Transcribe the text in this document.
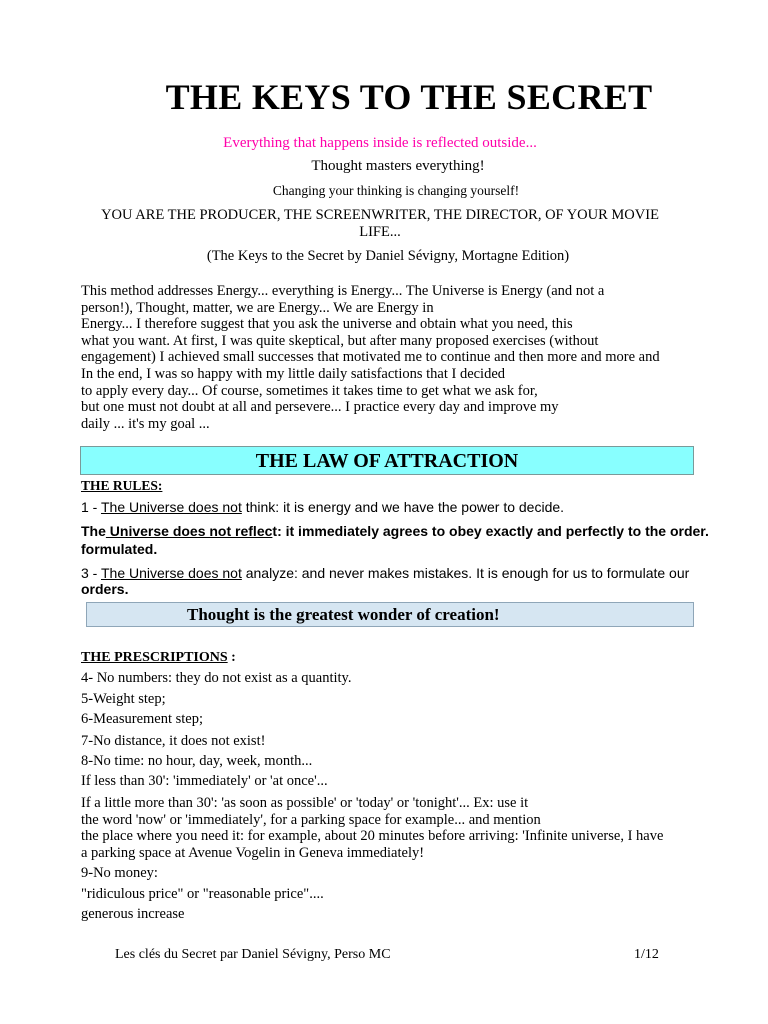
THE KEYS TO THE SECRET
Everything that happens inside is reflected outside...
Thought masters everything!
Changing your thinking is changing yourself!
YOU ARE THE PRODUCER, THE SCREENWRITER, THE DIRECTOR, OF YOUR MOVIE LIFE...
(The Keys to the Secret by Daniel Sévigny, Mortagne Edition)
This method addresses Energy... everything is Energy... The Universe is Energy (and not a
person!), Thought, matter, we are Energy... We are Energy in
Energy... I therefore suggest that you ask the universe and obtain what you need, this
what you want. At first, I was quite skeptical, but after many proposed exercises (without
engagement) I achieved small successes that motivated me to continue and then more and more and
In the end, I was so happy with my little daily satisfactions that I decided
to apply every day... Of course, sometimes it takes time to get what we ask for,
but one must not doubt at all and persevere... I practice every day and improve my
daily ... it's my goal ...
THE LAW OF ATTRACTION
THE RULES:
1 - The Universe does not think: it is energy and we have the power to decide.
The Universe does not reflect: it immediately agrees to obey exactly and perfectly to the order.
formulated.
3 - The Universe does not analyze: and never makes mistakes. It is enough for us to formulate our
orders.
Thought is the greatest wonder of creation!
THE PRESCRIPTIONS :
4- No numbers: they do not exist as a quantity.
5-Weight step;
6-Measurement step;
7-No distance, it does not exist!
8-No time: no hour, day, week, month...
If less than 30': 'immediately' or 'at once'...
If a little more than 30': 'as soon as possible' or 'today' or 'tonight'... Ex: use it
the word 'now' or 'immediately', for a parking space for example... and mention
the place where you need it: for example, about 20 minutes before arriving: 'Infinite universe, I have
a parking space at Avenue Vogelin in Geneva immediately!
9-No money:
"ridiculous price" or "reasonable price"....
generous increase
Les clés du Secret par Daniel Sévigny, Perso MC	1/12
